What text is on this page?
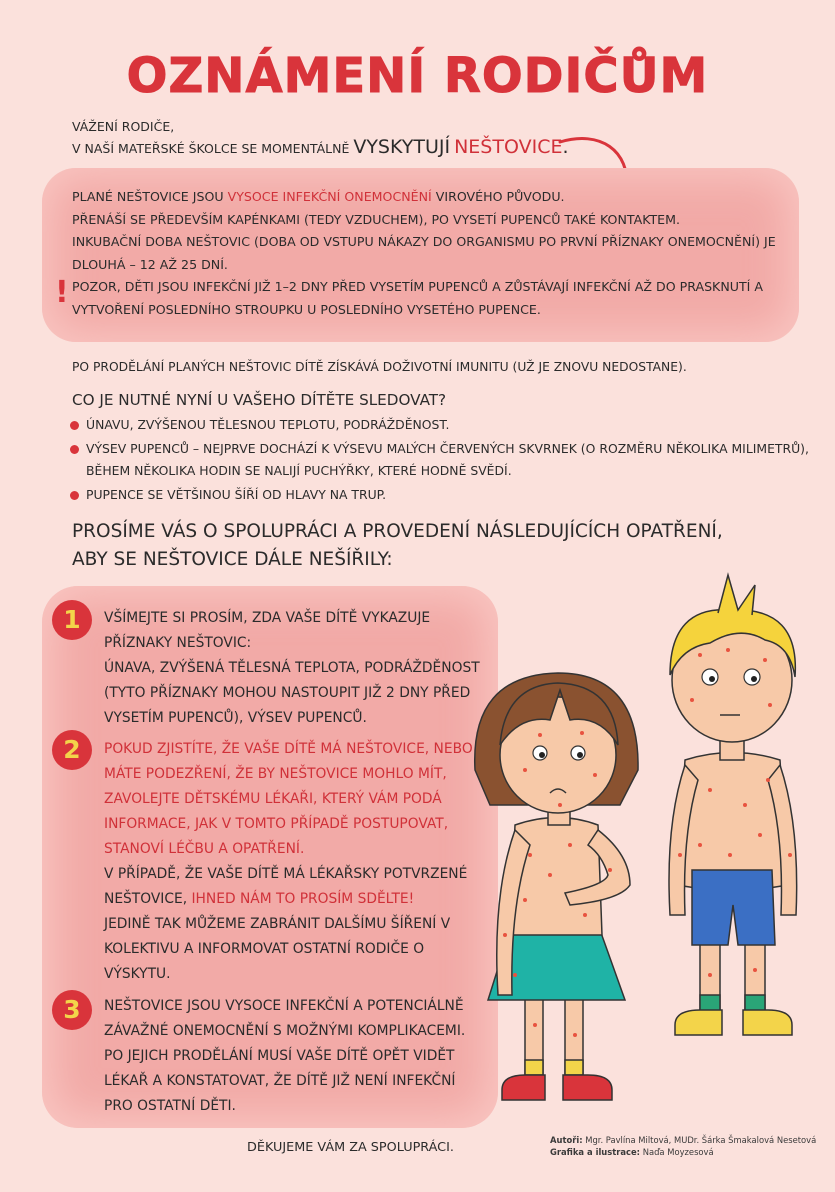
OZNÁMENÍ RODIČŮM
VÁŽENÍ RODIČE,
V NAŠÍ MATEŘSKÉ ŠKOLCE SE MOMENTÁLNĚ VYSKYTUJÍ NEŠTOVICE.
!

PLANÉ NEŠTOVICE JSOU VYSOCE INFEKČNÍ ONEMOCNĚNÍ VIROVÉHO PŮVODU.

PŘENÁŠÍ SE PŘEDEVŠÍM KAPÉNKAMI (TEDY VZDUCHEM), PO VYSETÍ PUPENCŮ TAKÉ KONTAKTEM.

INKUBAČNÍ DOBA NEŠTOVIC (DOBA OD VSTUPU NÁKAZY DO ORGANISMU PO PRVNÍ PŘÍZNAKY ONEMOCNĚNÍ) JE DLOUHÁ – 12 AŽ 25 DNÍ.

POZOR, DĚTI JSOU INFEKČNÍ JIŽ 1–2 DNY PŘED VYSETÍM PUPENCŮ A ZŮSTÁVAJÍ INFEKČNÍ AŽ DO PRASKNUTÍ A VYTVOŘENÍ POSLEDNÍHO STROUPKU U POSLEDNÍHO VYSETÉHO PUPENCE.

PO PRODĚLÁNÍ PLANÝCH NEŠTOVIC DÍTĚ ZÍSKÁVÁ DOŽIVOTNÍ IMUNITU (UŽ JE ZNOVU NEDOSTANE).
CO JE NUTNÉ NYNÍ U VAŠEHO DÍTĚTE SLEDOVAT?
ÚNAVU, ZVÝŠENOU TĚLESNOU TEPLOTU, PODRÁŽDĚNOST.
VÝSEV PUPENCŮ – NEJPRVE DOCHÁZÍ K VÝSEVU MALÝCH ČERVENÝCH SKVRNEK (O ROZMĚRU NĚKOLIKA MILIMETRŮ), BĚHEM NĚKOLIKA HODIN SE NALIJÍ PUCHÝŘKY, KTERÉ HODNĚ SVĚDÍ.
PUPENCE SE VĚTŠINOU ŠÍŘÍ OD HLAVY NA TRUP.
PROSÍME VÁS O SPOLUPRÁCI A PROVEDENÍ NÁSLEDUJÍCÍCH OPATŘENÍ,
ABY SE NEŠTOVICE DÁLE NEŠÍŘILY:
1	VŠÍMEJTE SI PROSÍM, ZDA VAŠE DÍTĚ VYKAZUJE PŘÍZNAKY NEŠTOVIC:

ÚNAVA, ZVÝŠENÁ TĚLESNÁ TEPLOTA, PODRÁŽDĚNOST (TYTO PŘÍZNAKY MOHOU NASTOUPIT JIŽ 2 DNY PŘED VYSETÍM PUPENCŮ), VÝSEV PUPENCŮ.

2	POKUD ZJISTÍTE, ŽE VAŠE DÍTĚ MÁ NEŠTOVICE, NEBO MÁTE PODEZŘENÍ, ŽE BY NEŠTOVICE MOHLO MÍT, ZAVOLEJTE DĚTSKÉMU LÉKAŘI, KTERÝ VÁM PODÁ INFORMACE, JAK V TOMTO PŘÍPADĚ POSTUPOVAT, STANOVÍ LÉČBU A OPATŘENÍ.

V PŘÍPADĚ, ŽE VAŠE DÍTĚ MÁ LÉKAŘSKY POTVRZENÉ NEŠTOVICE, IHNED NÁM TO PROSÍM SDĚLTE!

JEDINĚ TAK MŮŽEME ZABRÁNIT DALŠÍMU ŠÍŘENÍ V KOLEKTIVU A INFORMOVAT OSTATNÍ RODIČE O VÝSKYTU.

3	NEŠTOVICE JSOU VYSOCE INFEKČNÍ A POTENCIÁLNĚ ZÁVAŽNÉ ONEMOCNĚNÍ S MOŽNÝMI KOMPLIKACEMI. PO JEJICH PRODĚLÁNÍ MUSÍ VAŠE DÍTĚ OPĚT VIDĚT LÉKAŘ A KONSTATOVAT, ŽE DÍTĚ JIŽ NENÍ INFEKČNÍ PRO OSTATNÍ DĚTI.

DĚKUJEME VÁM ZA SPOLUPRÁCI.	Autoři: Mgr. Pavlína Miltová, MUDr. Šárka Šmakalová Nesetová
Grafika a ilustrace: Naďa Moyzesová
